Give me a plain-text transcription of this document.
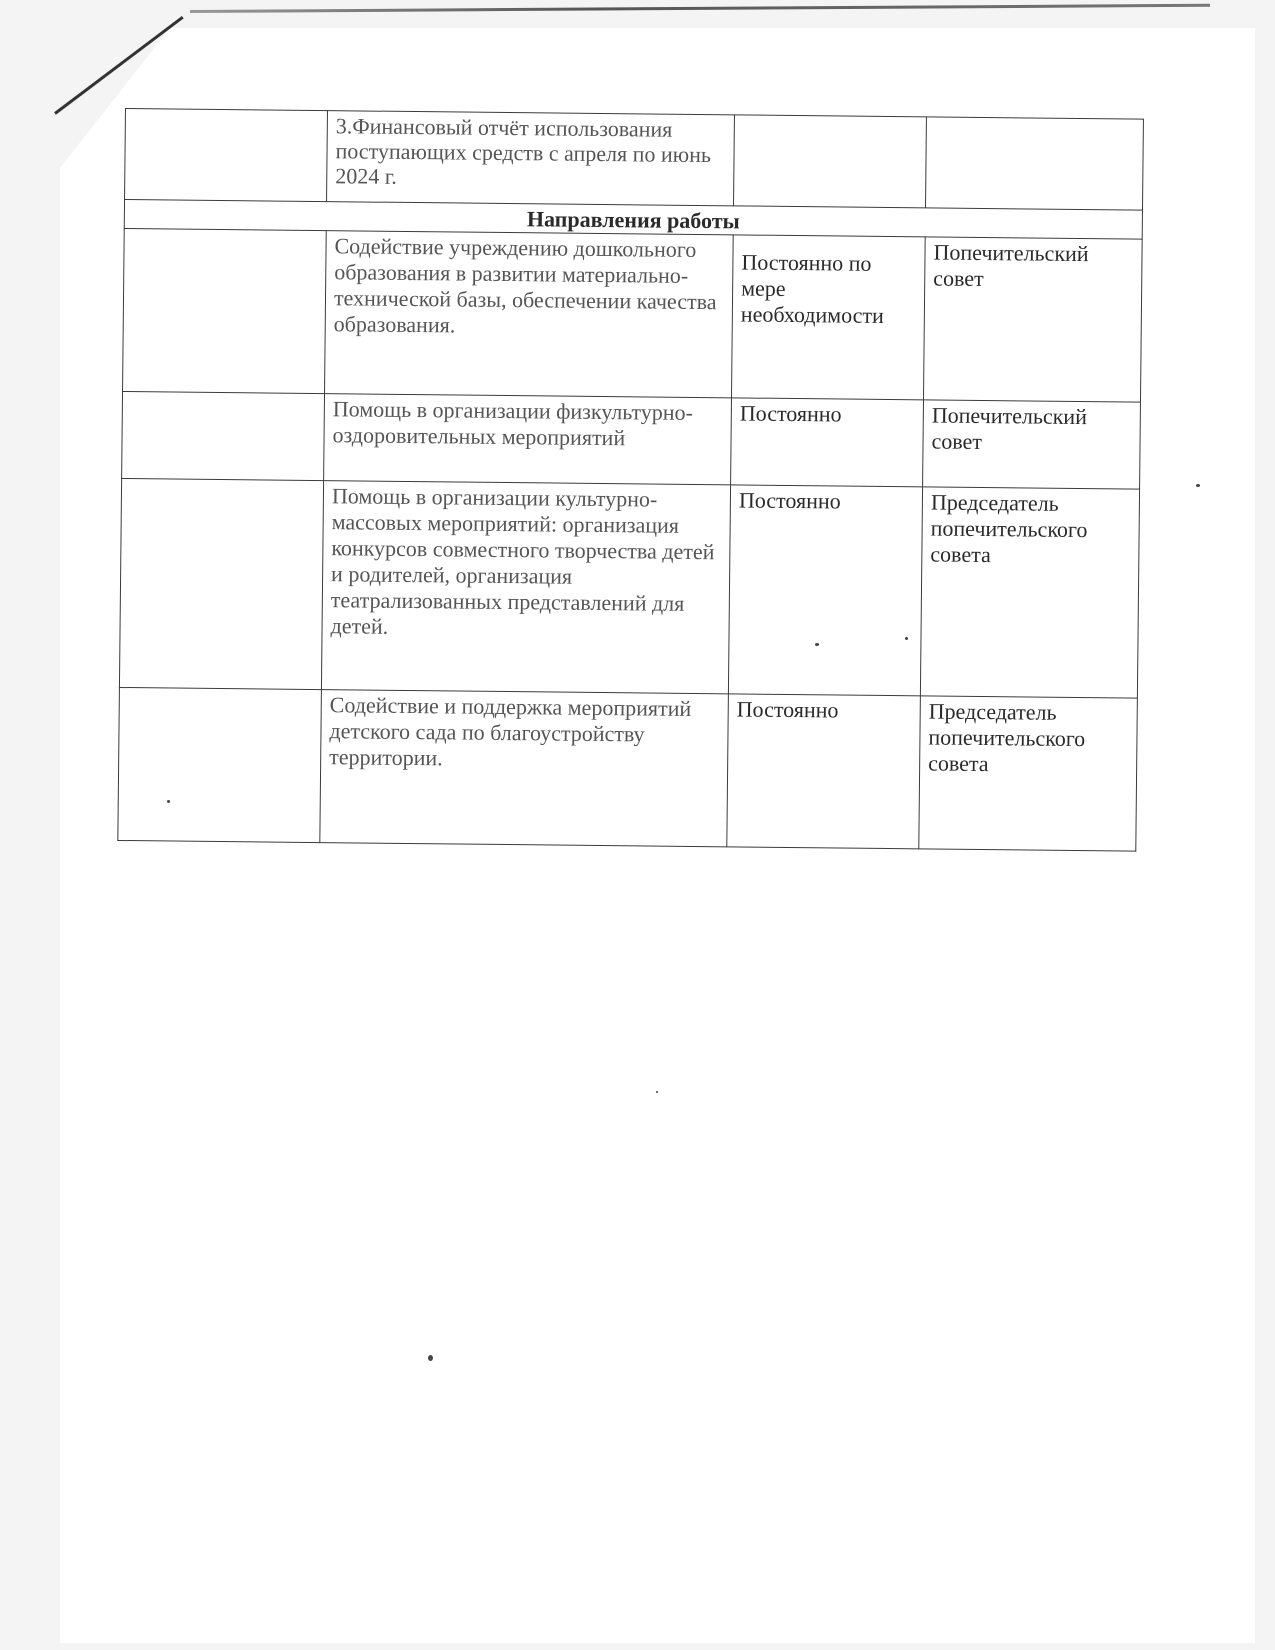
	3.Финансовый отчёт использования поступающих средств с апреля по июнь 2024 г.		
Направления работы			
	Содействие учреждению дошкольного образования в развитии материально-технической базы, обеспечении качества образования.	Постоянно по мере необходимости	Попечительский совет
	Помощь в организации физкультурно-оздоровительных мероприятий	Постоянно	Попечительский совет
	Помощь в организации культурно-массовых мероприятий: организация конкурсов совместного творчества детей и родителей, организация театрализованных представлений для детей.	Постоянно	Председатель попечительского совета
	Содействие и поддержка мероприятий детского сада по благоустройству территории.	Постоянно	Председатель попечительского совета
